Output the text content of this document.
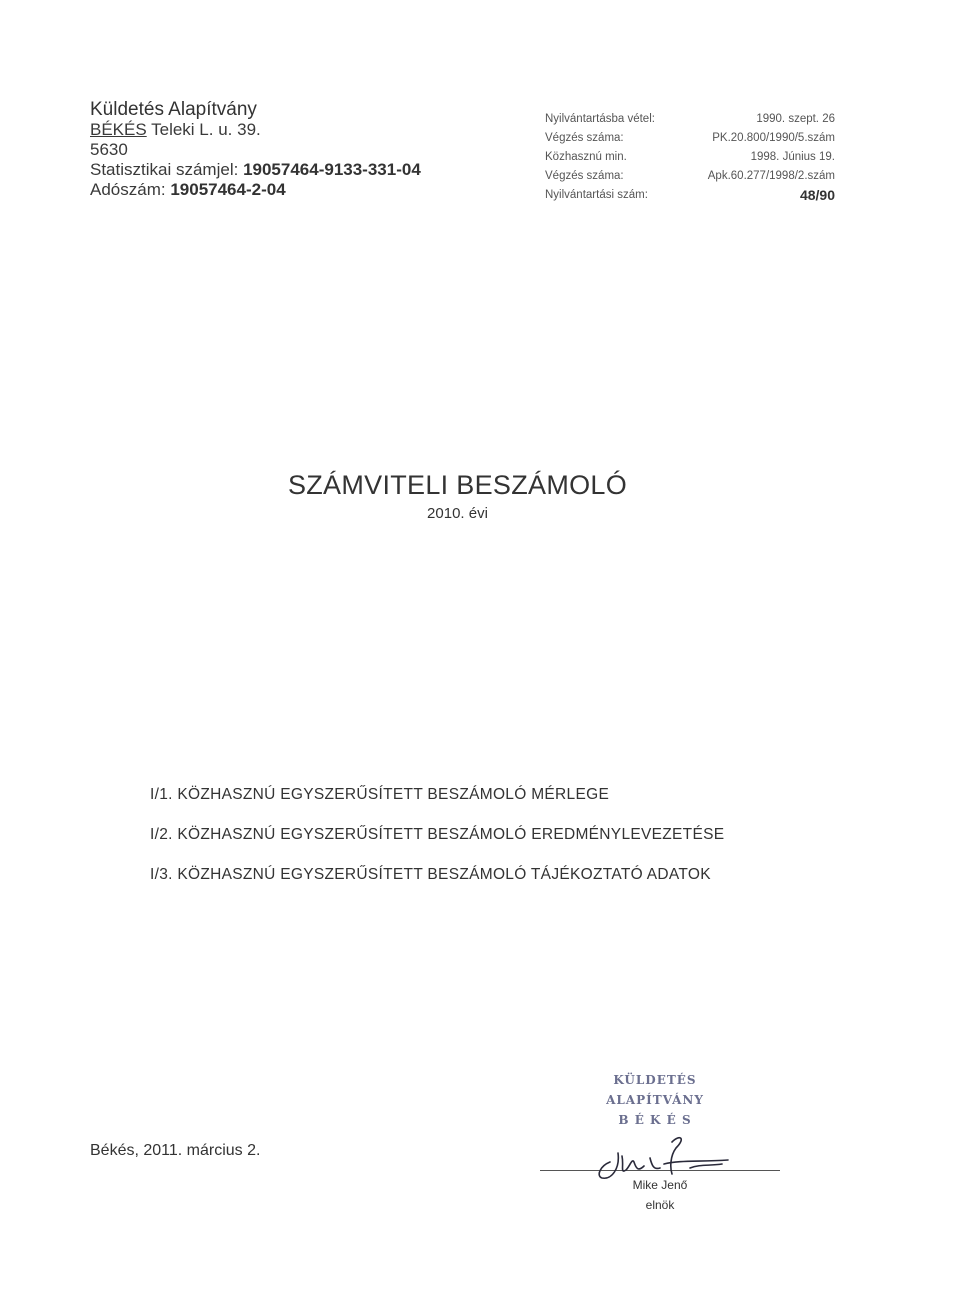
Küldetés Alapítvány
BÉKÉS Teleki L. u. 39.
5630
Statisztikai számjel: 19057464-9133-331-04
Adószám: 19057464-2-04
Nyilvántartásba vétel:	1990. szept. 26
Végzés száma:	PK.20.800/1990/5.szám
Közhasznú min.	1998. Június 19.
Végzés száma:	Apk.60.277/1998/2.szám
Nyilvántartási szám:	48/90
SZÁMVITELI BESZÁMOLÓ
2010. évi
I/1. KÖZHASZNÚ EGYSZERŰSÍTETT BESZÁMOLÓ MÉRLEGE
I/2. KÖZHASZNÚ EGYSZERŰSÍTETT BESZÁMOLÓ EREDMÉNYLEVEZETÉSE
I/3. KÖZHASZNÚ EGYSZERŰSÍTETT BESZÁMOLÓ TÁJÉKOZTATÓ ADATOK
Békés, 2011. március 2.
KÜLDETÉS
ALAPÍTVÁNY
B É K É S
Mike Jenő
elnök
